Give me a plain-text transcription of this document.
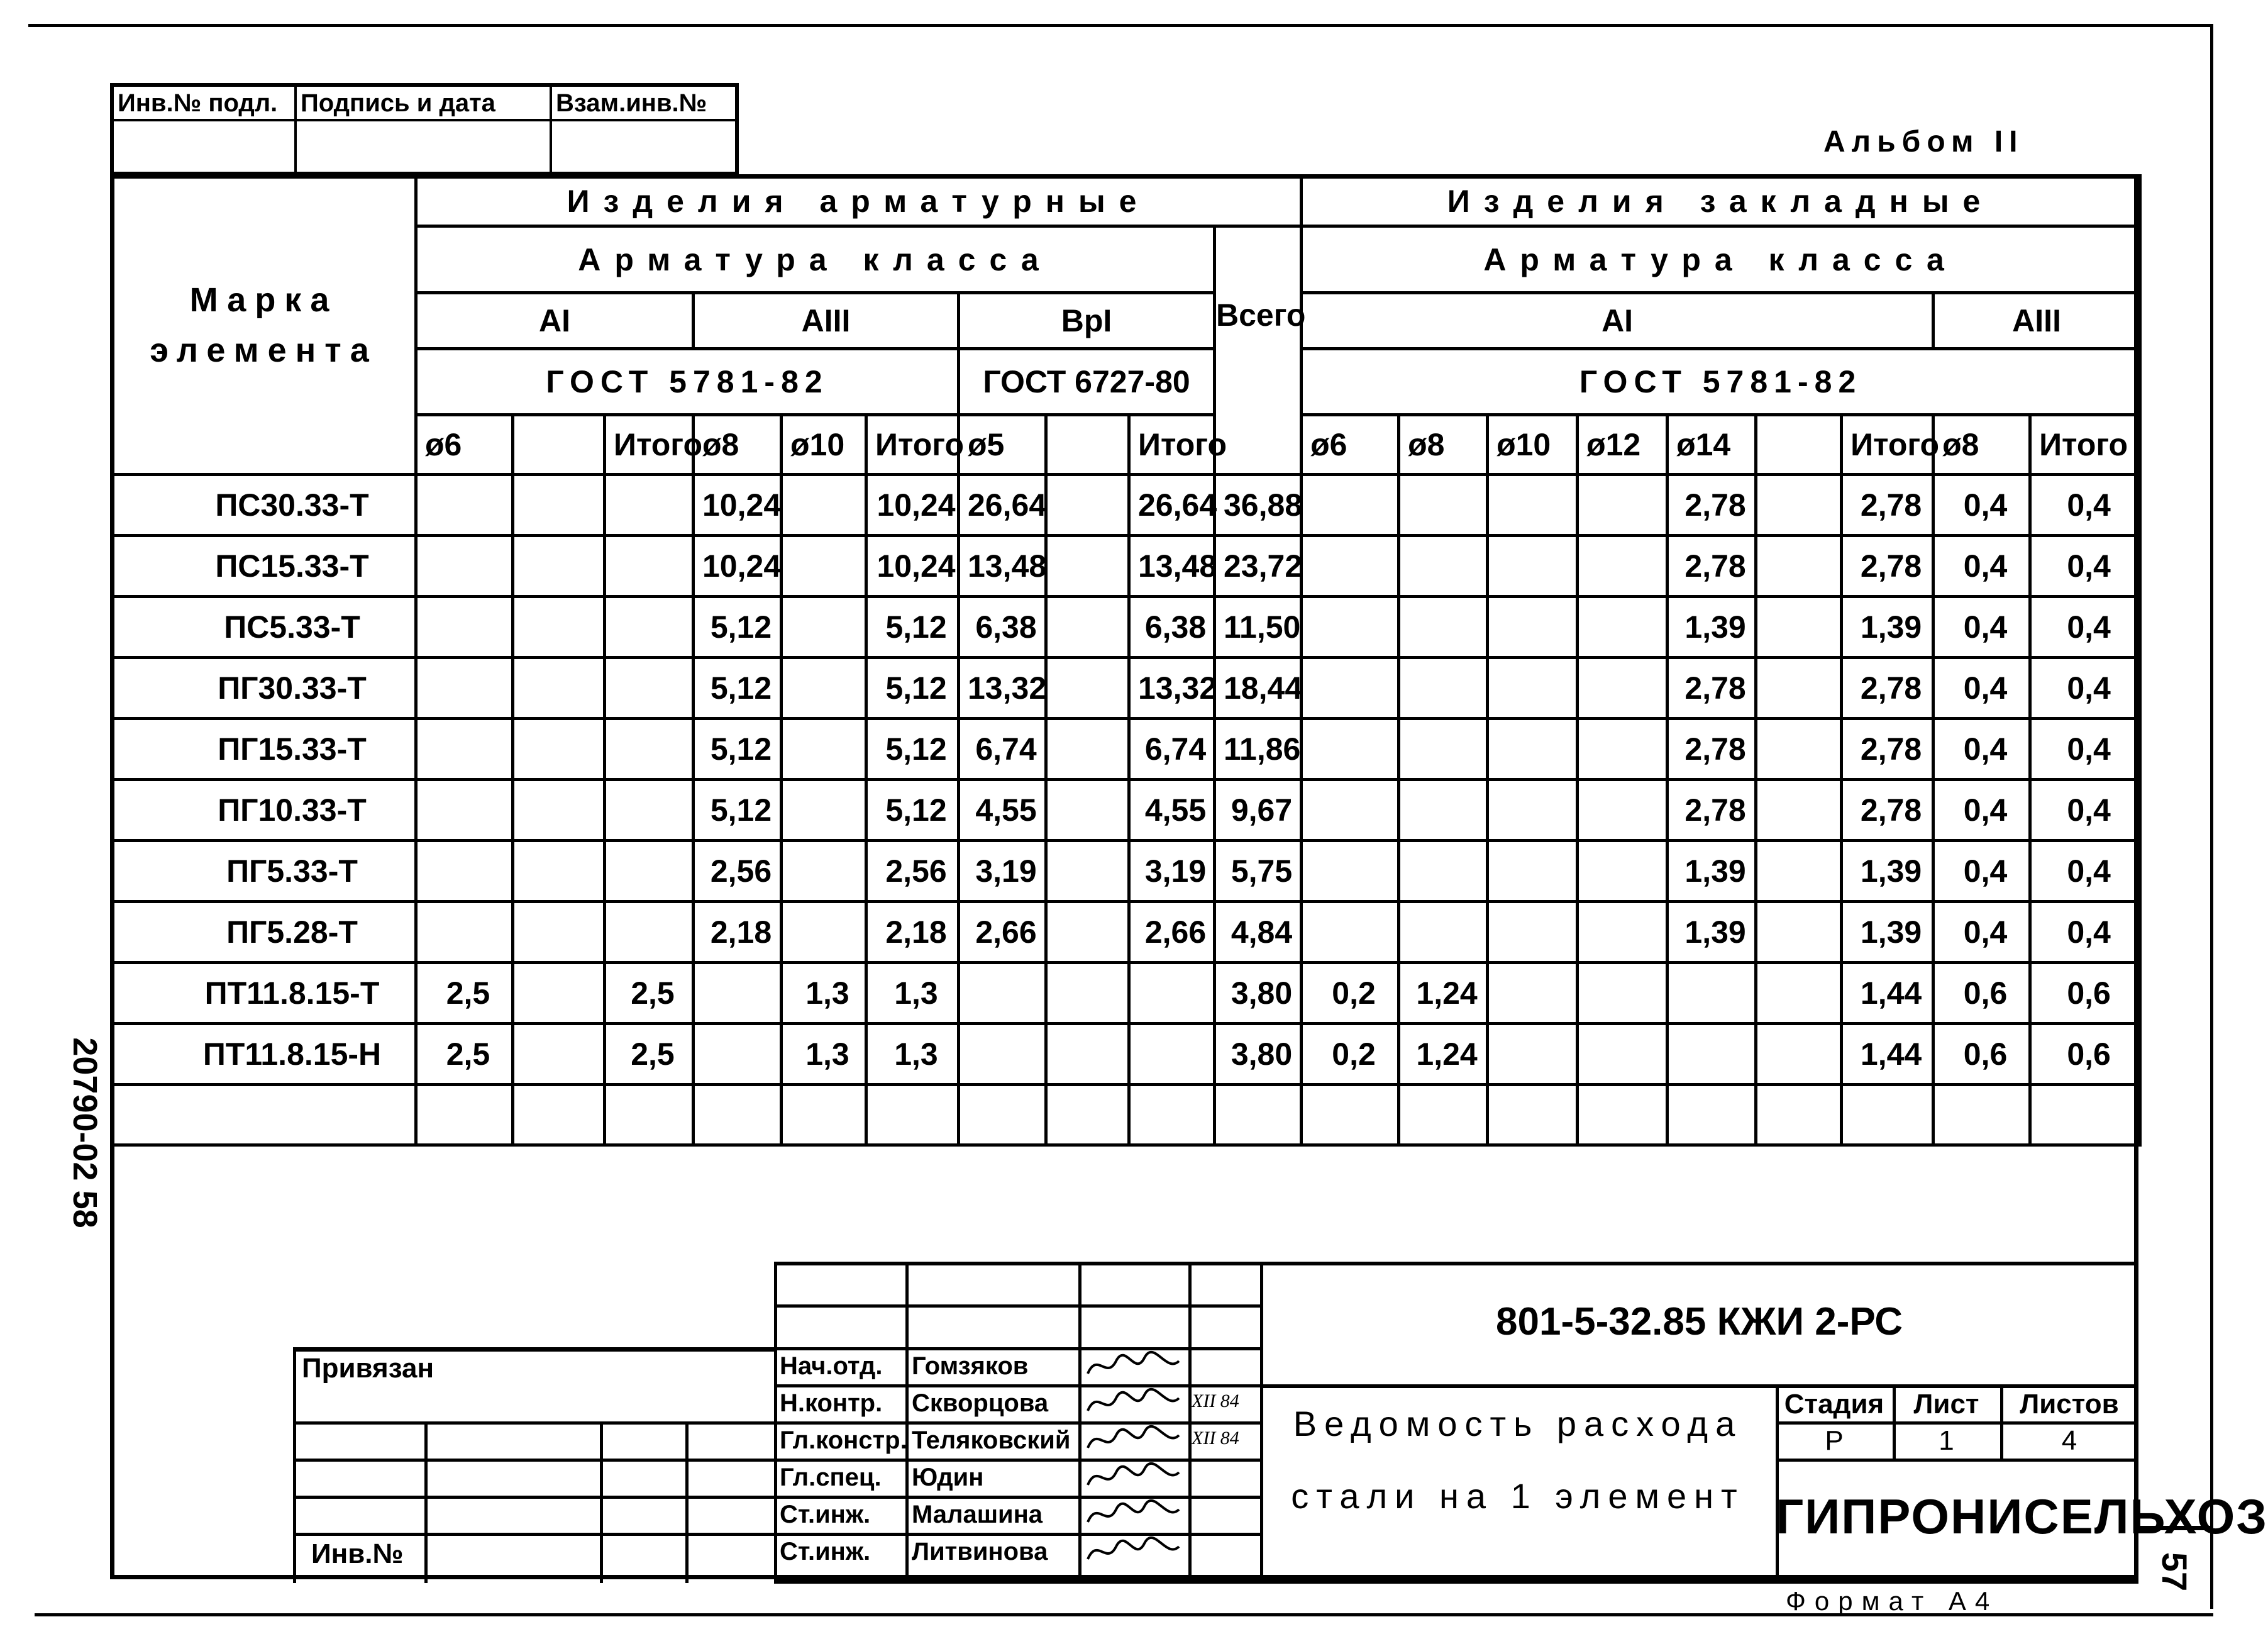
Инв.№ подл. Подпись и дата	Взам.инв.№
Альбом II
20790-02 58
Марка элемента	Изделия арматурные										Изделия закладные								
	Арматура класса									Всего	Арматура класса								
	АI			АIII			ВрI				АI							АIII	
	ГОСТ 5781-82						ГОСТ 6727-80				ГОСТ 5781-82								
	ø6		Итого	ø8	ø10	Итого	ø5		Итого		ø6	ø8	ø10	ø12	ø14		Итого	ø8	Итого
ПС30.33-Т				10,24		10,24	26,64		26,64	36,88					2,78		2,78	0,4	0,4
ПС15.33-Т				10,24		10,24	13,48		13,48	23,72					2,78		2,78	0,4	0,4
ПС5.33-Т				5,12		5,12	6,38		6,38	11,50					1,39		1,39	0,4	0,4
ПГ30.33-Т				5,12		5,12	13,32		13,32	18,44					2,78		2,78	0,4	0,4
ПГ15.33-Т				5,12		5,12	6,74		6,74	11,86					2,78		2,78	0,4	0,4
ПГ10.33-Т				5,12		5,12	4,55		4,55	9,67					2,78		2,78	0,4	0,4
ПГ5.33-Т				2,56		2,56	3,19		3,19	5,75					1,39		1,39	0,4	0,4
ПГ5.28-Т				2,18		2,18	2,66		2,66	4,84					1,39		1,39	0,4	0,4
ПТ11.8.15-Т	2,5		2,5		1,3	1,3				3,80	0,2	1,24					1,44	0,6	0,6
ПТ11.8.15-Н	2,5		2,5		1,3	1,3				3,80	0,2	1,24					1,44	0,6	0,6

Привязан
Инв.№
Нач.отд. Гомзяков
Н.контр. Скворцова	XII 84
Гл.констр. Теляковский	XII 84
Гл.спец. Юдин
Ст.инж. Малашина
Ст.инж. Литвинова
801-5-32.85 КЖИ 2-РС
Ведомость расхода
стали на 1 элемент
Стадия	Лист	Листов
Р	1	4
ГИПРОНИСЕЛЬХОЗ
Формат А4
57
